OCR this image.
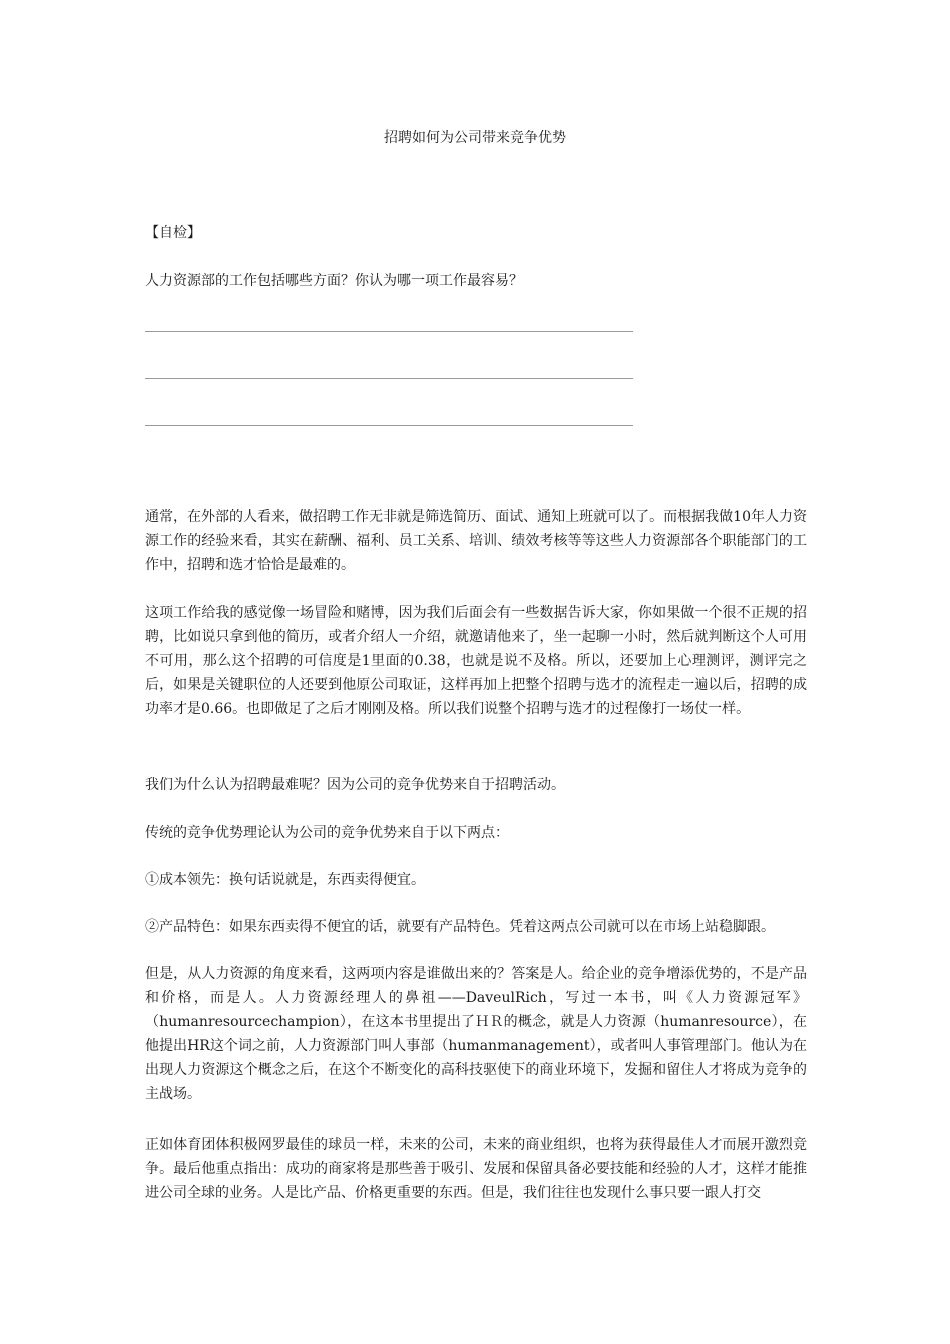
招聘如何为公司带来竞争优势
【自检】
人力资源部的工作包括哪些方面？你认为哪一项工作最容易？
通常，在外部的人看来，做招聘工作无非就是筛选简历、面试、通知上班就可以了。而根据我做10年人力资源工作的经验来看，其实在薪酬、福利、员工关系、培训、绩效考核等等这些人力资源部各个职能部门的工作中，招聘和选才恰恰是最难的。
这项工作给我的感觉像一场冒险和赌博，因为我们后面会有一些数据告诉大家，你如果做一个很不正规的招聘，比如说只拿到他的简历，或者介绍人一介绍，就邀请他来了，坐一起聊一小时，然后就判断这个人可用不可用，那么这个招聘的可信度是1里面的0.38，也就是说不及格。所以，还要加上心理测评，测评完之后，如果是关键职位的人还要到他原公司取证，这样再加上把整个招聘与选才的流程走一遍以后，招聘的成功率才是0.66。也即做足了之后才刚刚及格。所以我们说整个招聘与选才的过程像打一场仗一样。
我们为什么认为招聘最难呢？因为公司的竞争优势来自于招聘活动。
传统的竞争优势理论认为公司的竞争优势来自于以下两点：
①成本领先：换句话说就是，东西卖得便宜。
②产品特色：如果东西卖得不便宜的话，就要有产品特色。凭着这两点公司就可以在市场上站稳脚跟。
但是，从人力资源的角度来看，这两项内容是谁做出来的？答案是人。给企业的竞争增添优势的，不是产品和价格，而是人。人力资源经理人的鼻祖——DaveulRich，写过一本书，叫《人力资源冠军》（humanresourcechampion），在这本书里提出了ＨＲ的概念，就是人力资源（humanresource），在他提出HR这个词之前，人力资源部门叫人事部（humanmanagement），或者叫人事管理部门。他认为在出现人力资源这个概念之后，在这个不断变化的高科技驱使下的商业环境下，发掘和留住人才将成为竞争的主战场。
正如体育团体积极网罗最佳的球员一样，未来的公司，未来的商业组织，也将为获得最佳人才而展开激烈竞争。最后他重点指出：成功的商家将是那些善于吸引、发展和保留具备必要技能和经验的人才，这样才能推进公司全球的业务。人是比产品、价格更重要的东西。但是，我们往往也发现什么事只要一跟人打交
